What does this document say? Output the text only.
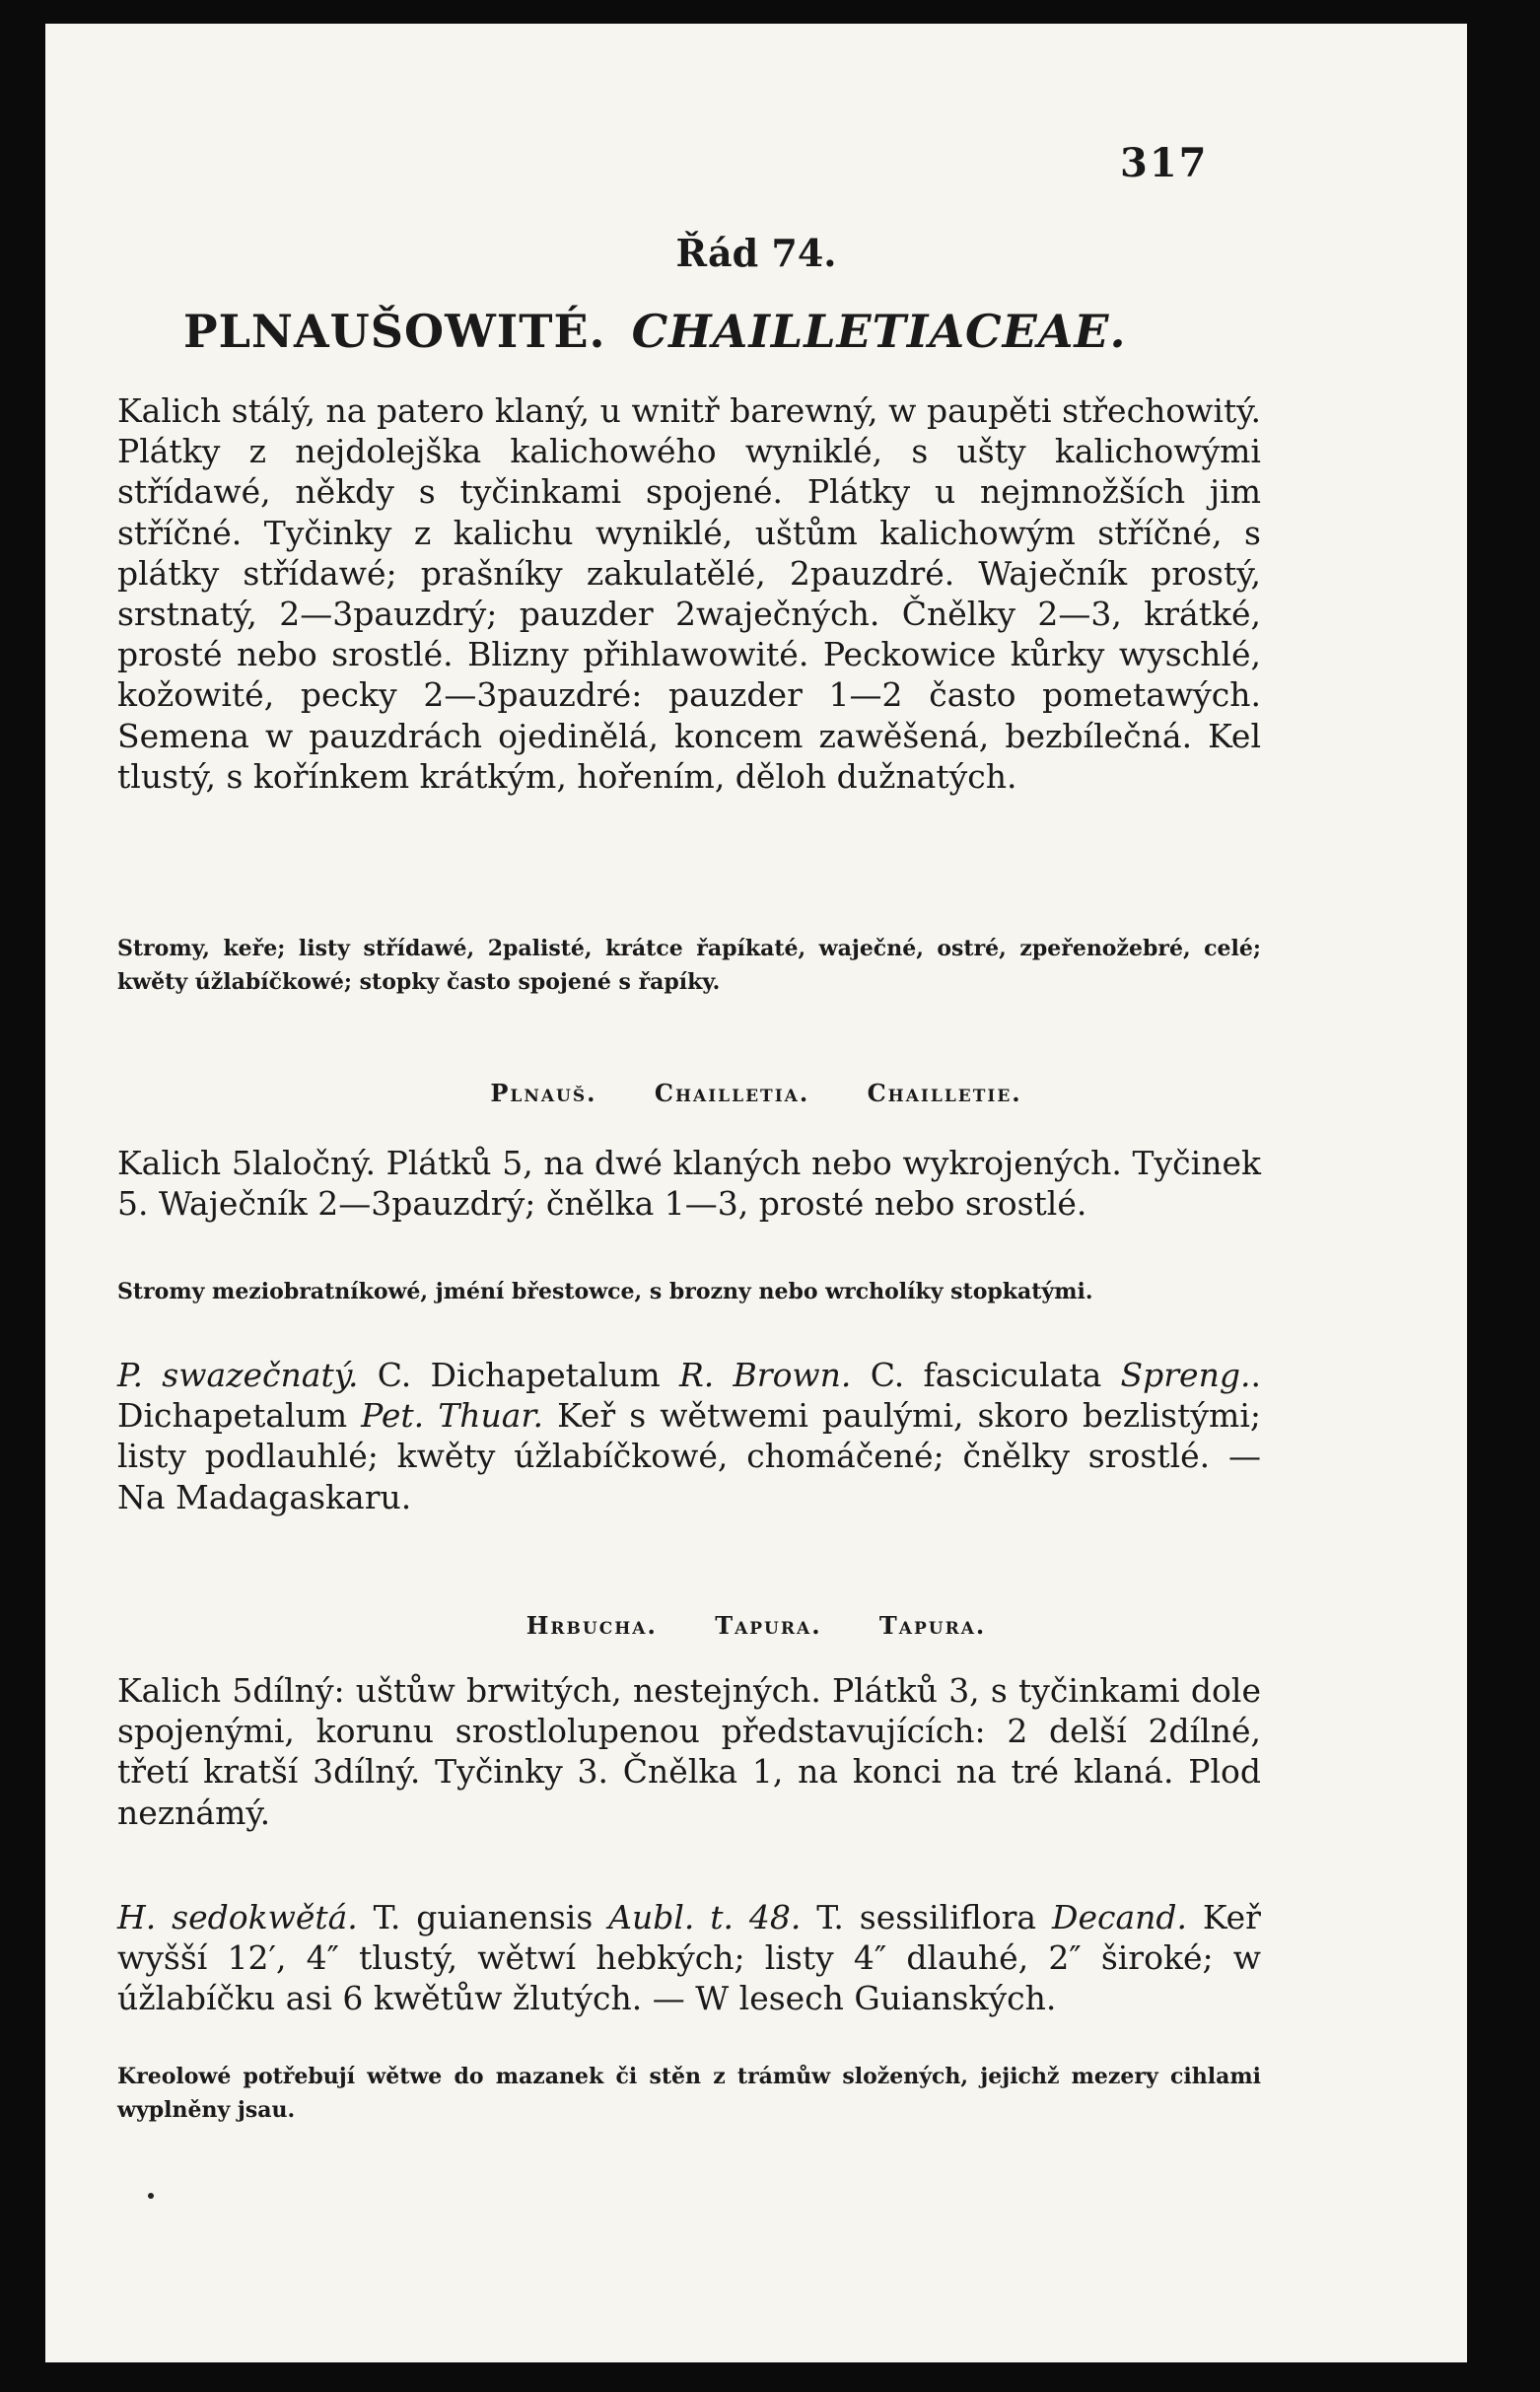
317
Řád 74.
PLNAUŠOWITÉ. CHAILLETIACEAE.
Kalich stálý, na patero klaný, u wnitř barewný, w paupěti střechowitý. Plátky z nejdolejška kalichowého wyniklé, s ušty kalichowými střídawé, někdy s tyčinkami spojené. Plátky u nejmnožších jim stříčné. Tyčinky z kalichu wyniklé, uštům kalichowým stříčné, s plátky střídawé; prašníky zakulatělé, 2pauzdré. Waječník prostý, srstnatý, 2—3pauzdrý; pauzder 2waječných. Čnělky 2—3, krátké, prosté nebo srostlé. Blizny přihlawowité. Peckowice kůrky wyschlé, kožowité, pecky 2—3pauzdré: pauzder 1—2 často pometawých. Semena w pauzdrách ojedinělá, koncem zawěšená, bezbílečná. Kel tlustý, s kořínkem krátkým, hořením, děloh dužnatých.
Stromy, keře; listy střídawé, 2palisté, krátce řapíkaté, waječné, ostré, zpeřenožebré, celé; kwěty úžlabíčkowé; stopky často spojené s řapíky.
Plnauš. Chailletia. Chailletie.
Kalich 5laločný. Plátků 5, na dwé klaných nebo wykrojených. Tyčinek 5. Waječník 2—3pauzdrý; čnělka 1—3, prosté nebo srostlé.
Stromy meziobratníkowé, jméní břestowce, s brozny nebo wrcholíky stopkatými.
P. swazečnatý. C. Dichapetalum R. Brown. C. fasciculata Spreng.. Dichapetalum Pet. Thuar. Keř s wětwemi paulými, skoro bezlistými; listy podlauhlé; kwěty úžlabíčkowé, chomáčené; čnělky srostlé. — Na Madagaskaru.
Hrbucha. Tapura. Tapura.
Kalich 5dílný: uštůw brwitých, nestejných. Plátků 3, s tyčinkami dole spojenými, korunu srostlolupenou představujících: 2 delší 2dílné, třetí kratší 3dílný. Tyčinky 3. Čnělka 1, na konci na tré klaná. Plod neznámý.
H. sedokwětá. T. guianensis Aubl. t. 48. T. sessiliflora Decand. Keř wyšší 12′, 4″ tlustý, wětwí hebkých; listy 4″ dlauhé, 2″ široké; w úžlabíčku asi 6 kwětůw žlutých. — W lesech Guianských.
Kreolowé potřebují wětwe do mazanek či stěn z trámůw složených, jejichž mezery cihlami wyplněny jsau.
